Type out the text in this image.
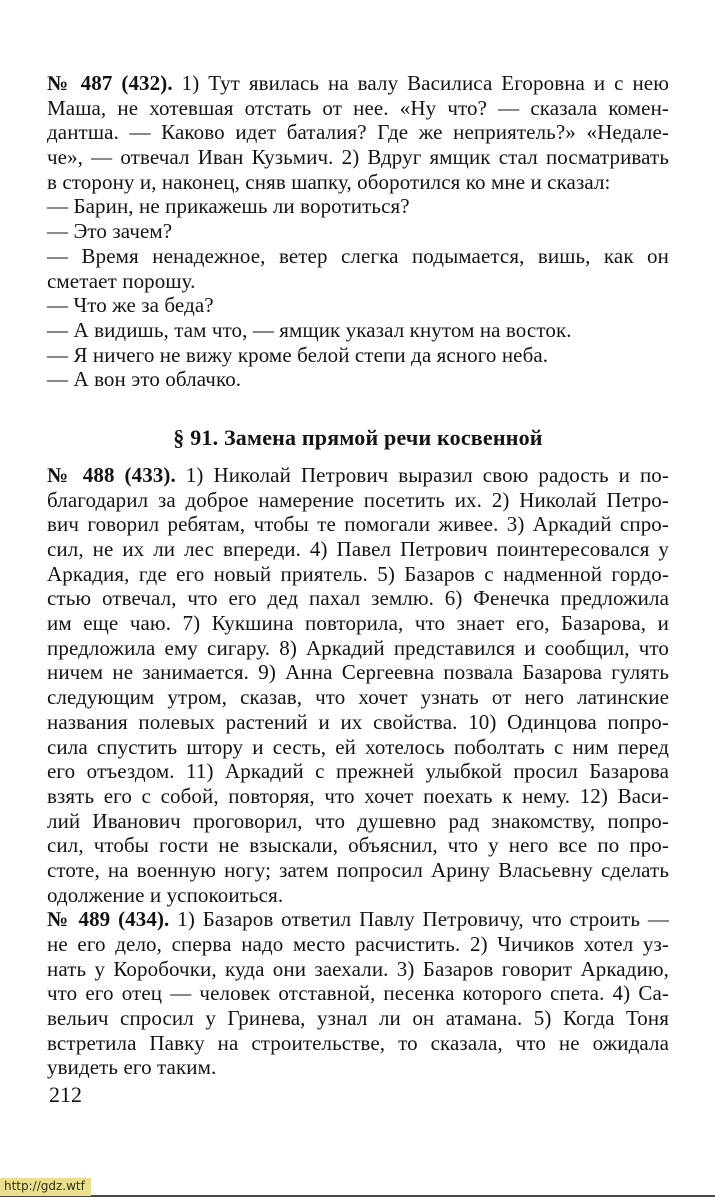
№ 487 (432). 1) Тут явилась на валу Василиса Егоровна и с нею
Маша, не хотевшая отстать от нее. «Ну что? — сказала комен-
дантша. — Каково идет баталия? Где же неприятель?» «Недале-
че», — отвечал Иван Кузьмич. 2) Вдруг ямщик стал посматривать
в сторону и, наконец, сняв шапку, оборотился ко мне и сказал:
— Барин, не прикажешь ли воротиться?
— Это зачем?
— Время ненадежное, ветер слегка подымается, вишь, как он
сметает порошу.
— Что же за беда?
— А видишь, там что, — ямщик указал кнутом на восток.
— Я ничего не вижу кроме белой степи да ясного неба.
— А вон это облачко.
§ 91. Замена прямой речи косвенной
№ 488 (433). 1) Николай Петрович выразил свою радость и по-
благодарил за доброе намерение посетить их. 2) Николай Петро-
вич говорил ребятам, чтобы те помогали живее. 3) Аркадий спро-
сил, не их ли лес впереди. 4) Павел Петрович поинтересовался у
Аркадия, где его новый приятель. 5) Базаров с надменной гордо-
стью отвечал, что его дед пахал землю. 6) Фенечка предложила
им еще чаю. 7) Кукшина повторила, что знает его, Базарова, и
предложила ему сигару. 8) Аркадий представился и сообщил, что
ничем не занимается. 9) Анна Сергеевна позвала Базарова гулять
следующим утром, сказав, что хочет узнать от него латинские
названия полевых растений и их свойства. 10) Одинцова попро-
сила спустить штору и сесть, ей хотелось поболтать с ним перед
его отъездом. 11) Аркадий с прежней улыбкой просил Базарова
взять его с собой, повторяя, что хочет поехать к нему. 12) Васи-
лий Иванович проговорил, что душевно рад знакомству, попро-
сил, чтобы гости не взыскали, объяснил, что у него все по про-
стоте, на военную ногу; затем попросил Арину Власьевну сделать
одолжение и успокоиться.
№ 489 (434). 1) Базаров ответил Павлу Петровичу, что строить —
не его дело, сперва надо место расчистить. 2) Чичиков хотел уз-
нать у Коробочки, куда они заехали. 3) Базаров говорит Аркадию,
что его отец — человек отставной, песенка которого спета. 4) Са-
вельич спросил у Гринева, узнал ли он атамана. 5) Когда Тоня
встретила Павку на строительстве, то сказала, что не ожидала
увидеть его таким.
212
http://gdz.wtf
